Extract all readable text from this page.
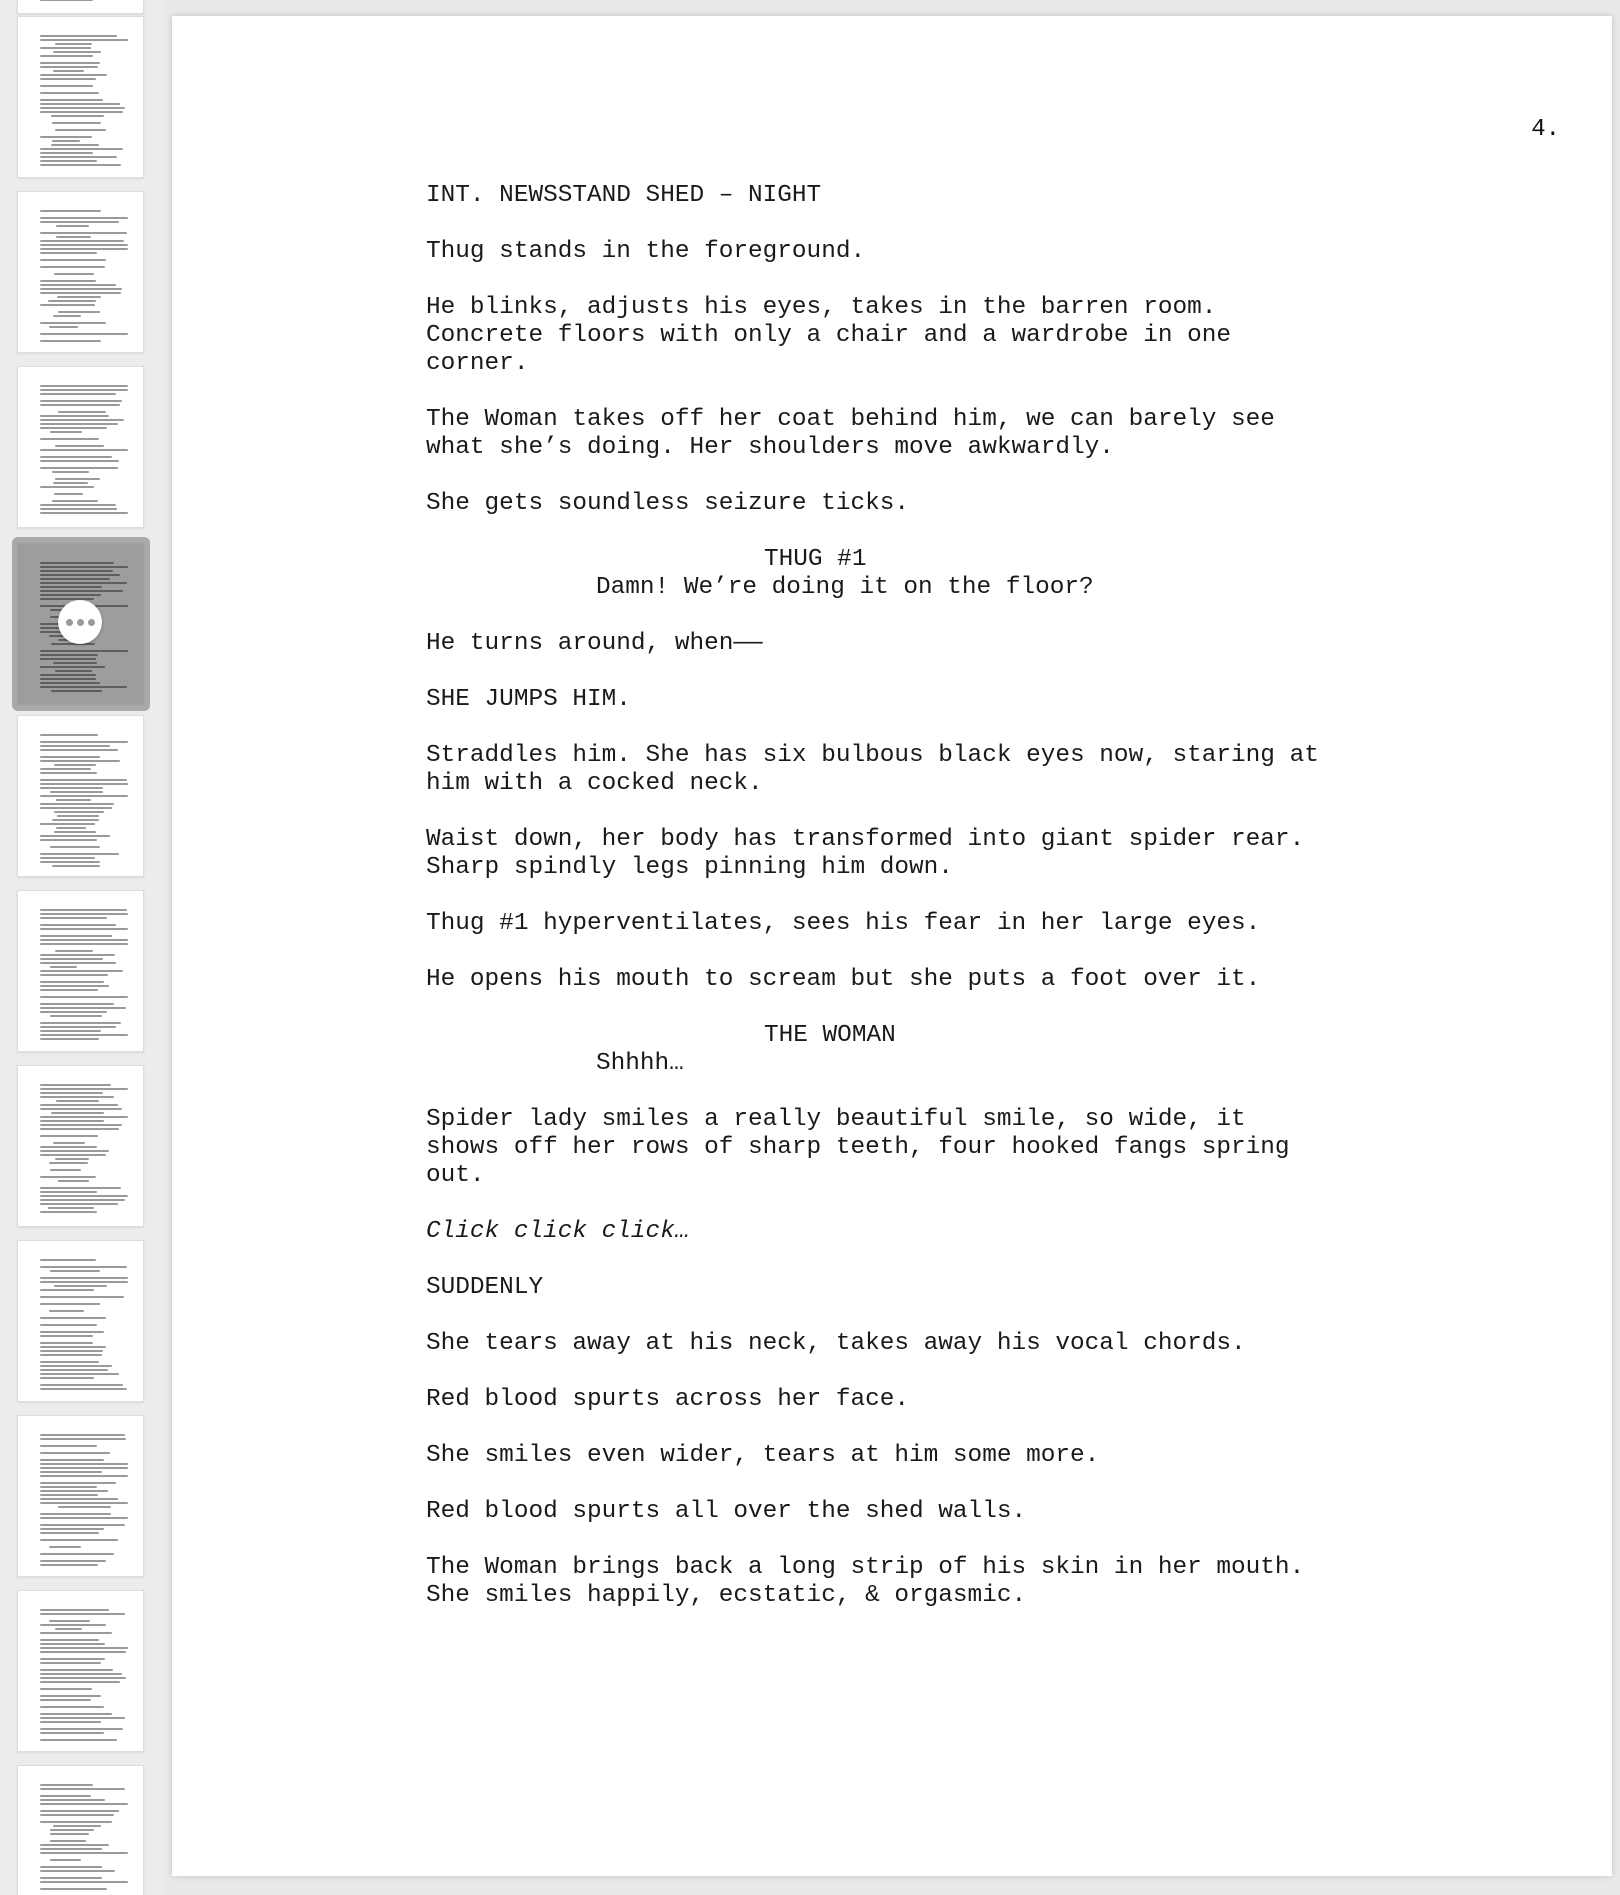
4.

INT. NEWSSTAND SHED – NIGHT

Thug stands in the foreground.

He blinks, adjusts his eyes, takes in the barren room.
Concrete floors with only a chair and a wardrobe in one
corner.

The Woman takes off her coat behind him, we can barely see
what she’s doing. Her shoulders move awkwardly.

She gets soundless seizure ticks.

THUG #1

Damn! We’re doing it on the floor?

He turns around, when——

SHE JUMPS HIM.

Straddles him. She has six bulbous black eyes now, staring at
him with a cocked neck.

Waist down, her body has transformed into giant spider rear.
Sharp spindly legs pinning him down.

Thug #1 hyperventilates, sees his fear in her large eyes.

He opens his mouth to scream but she puts a foot over it.

THE WOMAN

Shhhh…

Spider lady smiles a really beautiful smile, so wide, it
shows off her rows of sharp teeth, four hooked fangs spring
out.

Click click click…

SUDDENLY

She tears away at his neck, takes away his vocal chords.

Red blood spurts across her face.

She smiles even wider, tears at him some more.

Red blood spurts all over the shed walls.

The Woman brings back a long strip of his skin in her mouth.
She smiles happily, ecstatic, & orgasmic.
